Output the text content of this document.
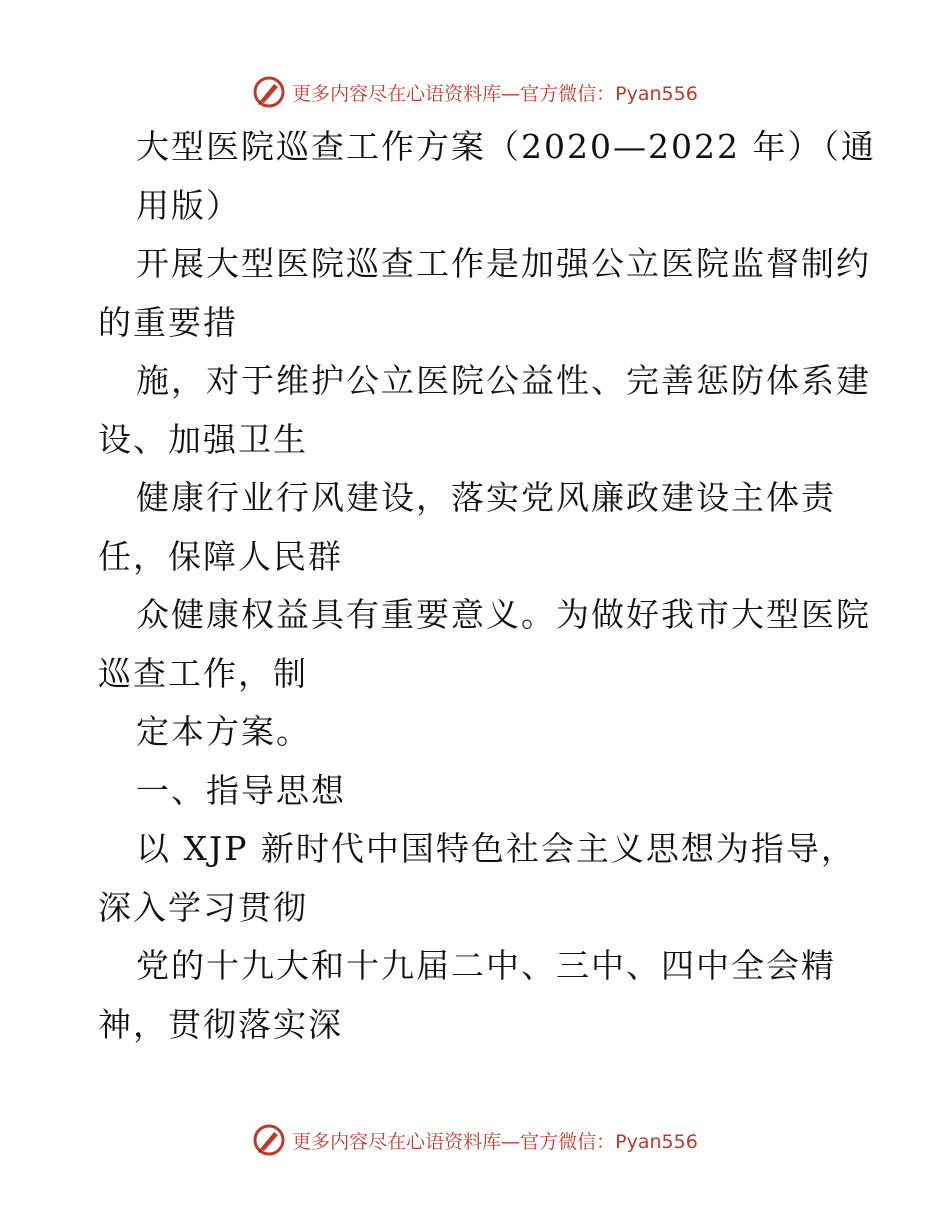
更多内容尽在心语资料库—官方微信：Pyan556
大型医院巡查工作方案（2020—2022 年）（通
用版）
开展大型医院巡查工作是加强公立医院监督制约
的重要措
施，对于维护公立医院公益性、完善惩防体系建
设、加强卫生
健康行业行风建设，落实党风廉政建设主体责
任，保障人民群
众健康权益具有重要意义。为做好我市大型医院
巡查工作，制
定本方案。
一、指导思想
以 XJP 新时代中国特色社会主义思想为指导，
深入学习贯彻
党的十九大和十九届二中、三中、四中全会精
神，贯彻落实深
更多内容尽在心语资料库—官方微信：Pyan556
